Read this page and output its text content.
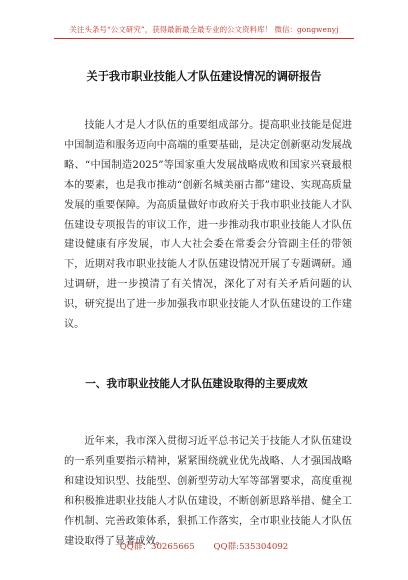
关注头条号“公文研究”，获得最新最全最专业的公文资料库！ 微信：gongwenyj
关于我市职业技能人才队伍建设情况的调研报告

技能人才是人才队伍的重要组成部分。提高职业技能是促进中国制造和服务迈向中高端的重要基础，是决定创新驱动发展战略、“中国制造2025”等国家重大发展战略成败和国家兴衰最根本的要素，也是我市推动“创新名城美丽古都”建设、实现高质量发展的重要保障。为高质量做好市政府关于我市职业技能人才队伍建设专项报告的审议工作，进一步推动我市职业技能人才队伍建设健康有序发展，市人大社会委在常委会分管副主任的带领下，近期对我市职业技能人才队伍建设情况开展了专题调研。通过调研，进一步摸清了有关情况，深化了对有关矛盾问题的认识，研究提出了进一步加强我市职业技能人才队伍建设的工作建议。

一、我市职业技能人才队伍建设取得的主要成效

近年来，我市深入贯彻习近平总书记关于技能人才队伍建设的一系列重要指示精神，紧紧围绕就业优先战略、人才强国战略和建设知识型、技能型、创新型劳动大军等部署要求，高度重视和积极推进职业技能人才队伍建设，不断创新思路举措、健全工作机制、完善政策体系，狠抓工作落实，全市职业技能人才队伍建设取得了显著成效。

QQ群：30265665 QQ群:535304092
